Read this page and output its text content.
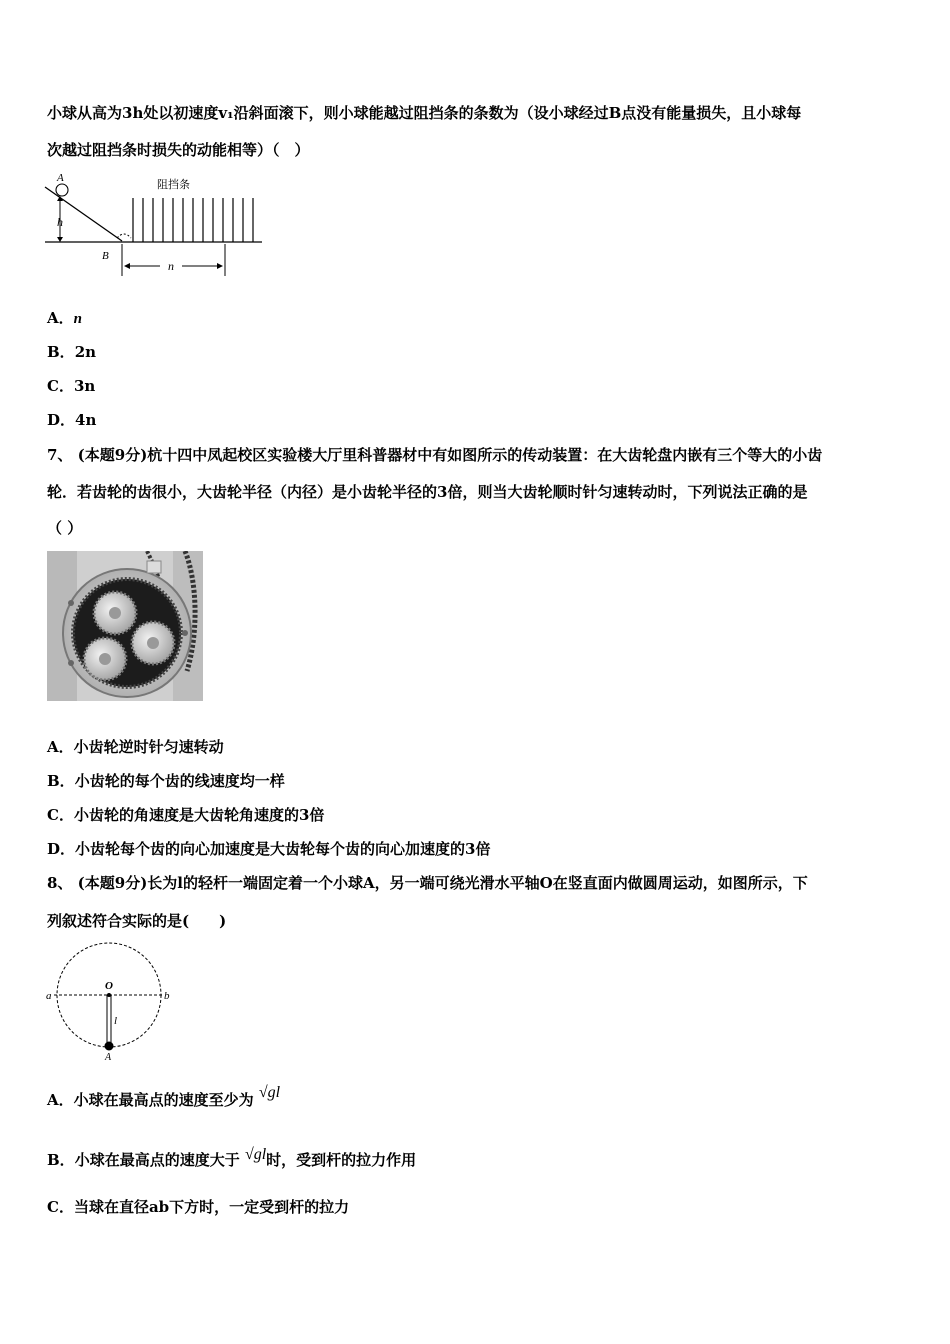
小球从高为3h处以初速度v₁沿斜面滚下，则小球能越过阻挡条的条数为（设小球经过B点没有能量损失，且小球每
次越过阻挡条时损失的动能相等）（　）
A
h
B
阻挡条
n
A．n
B．2n
C．3n
D．4n
7、 (本题9分)杭十四中凤起校区实验楼大厅里科普器材中有如图所示的传动装置：在大齿轮盘内嵌有三个等大的小齿
轮．若齿轮的齿很小，大齿轮半径（内径）是小齿轮半径的3倍，则当大齿轮顺时针匀速转动时，下列说法正确的是
（ ）
A．小齿轮逆时针匀速转动
B．小齿轮的每个齿的线速度均一样
C．小齿轮的角速度是大齿轮角速度的3倍
D．小齿轮每个齿的向心加速度是大齿轮每个齿的向心加速度的3倍
8、 (本题9分)长为l的轻杆一端固定着一个小球A，另一端可绕光滑水平轴O在竖直面内做圆周运动，如图所示，下
列叙述符合实际的是(　　)
a	b
O
l
A
A．小球在最高点的速度至少为 √gl
B．小球在最高点的速度大于 √gl时，受到杆的拉力作用
C．当球在直径ab下方时，一定受到杆的拉力
